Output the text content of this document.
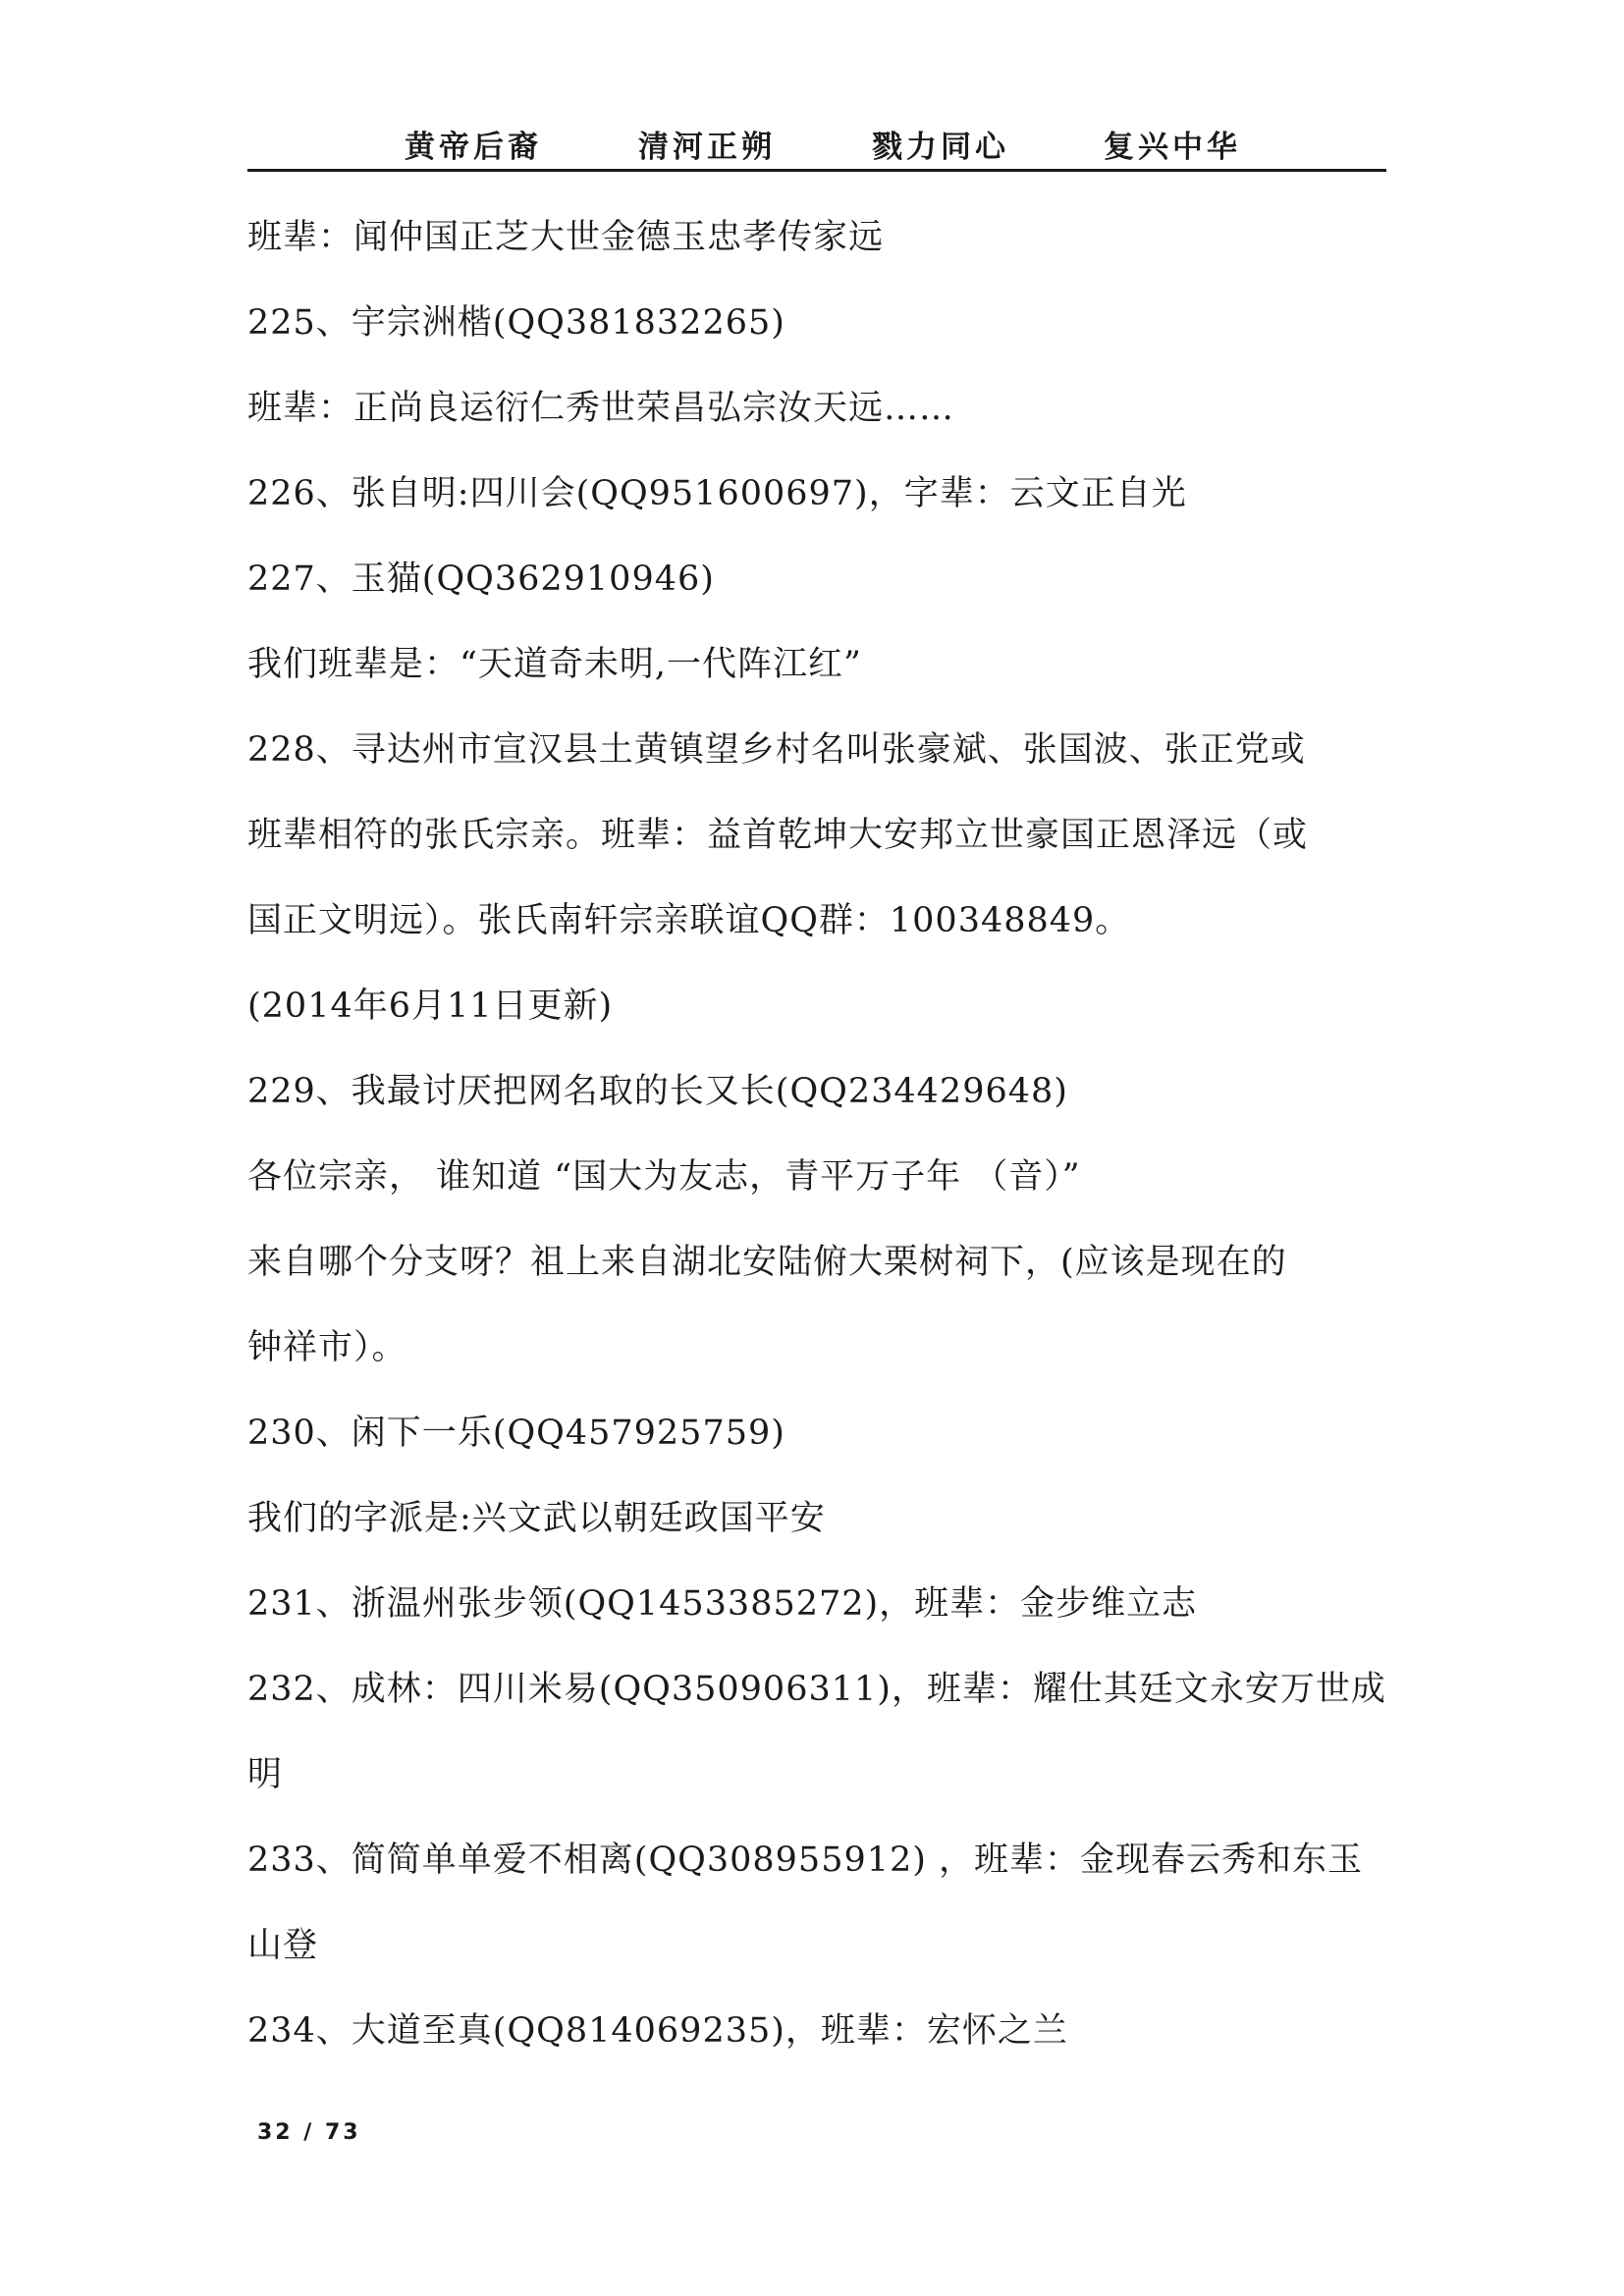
黄帝后裔	清河正朔	戮力同心	复兴中华
班辈：闻仲国正芝大世金德玉忠孝传家远
225、宇宗洲楷(QQ381832265)
班辈：正尚良运衍仁秀世荣昌弘宗汝天远……
226、张自明:四川会(QQ951600697)，字辈：云文正自光
227、玉猫(QQ362910946)
我们班辈是：“天道奇未明,一代阵江红”
228、寻达州市宣汉县土黄镇望乡村名叫张豪斌、张国波、张正党或
班辈相符的张氏宗亲。班辈：益首乾坤大安邦立世豪国正恩泽远（或
国正文明远）。张氏南轩宗亲联谊QQ群：100348849。
(2014年6月11日更新)
229、我最讨厌把网名取的长又长(QQ234429648)
各位宗亲， 谁知道 “国大为友志，青平万子年 （音）”
来自哪个分支呀？祖上来自湖北安陆俯大栗树祠下，(应该是现在的
钟祥市）。
230、闲下一乐(QQ457925759)
我们的字派是:兴文武以朝廷政国平安
231、浙温州张步领(QQ1453385272)，班辈：金步维立志
232、成林：四川米易(QQ350906311)，班辈：耀仕其廷文永安万世成
明
233、简简单单爱不相离(QQ308955912) ，班辈：金现春云秀和东玉
山登
234、大道至真(QQ814069235)，班辈：宏怀之兰
32 / 73
